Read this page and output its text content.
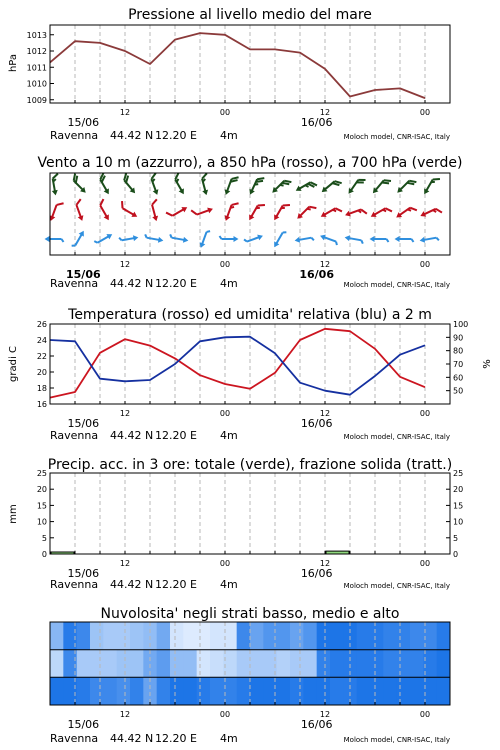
Pressione al livello medio del mare
hPa
1009
1010
1011
1012
1013
12	00	12	00
15/06	16/06
Ravenna 44.42 N 12.20 E 4m	Moloch model, CNR-ISAC, Italy
Vento a 10 m (azzurro), a 850 hPa (rosso), a 700 hPa (verde)
12	00	12	00
15/06	16/06
Ravenna 44.42 N 12.20 E 4m	Moloch model, CNR-ISAC, Italy
Temperatura (rosso) ed umidita' relativa (blu) a 2 m
gradi C	%
16
18
20
22
24
26
50
60
70
80
90
100
12	00	12	00
15/06	16/06
Ravenna 44.42 N 12.20 E 4m	Moloch model, CNR-ISAC, Italy
Precip. acc. in 3 ore: totale (verde), frazione solida (tratt.)
mm
0
5
10
15
20
25
0
5
10
15
20
25
12	00	12	00
15/06	16/06
Ravenna 44.42 N 12.20 E 4m	Moloch model, CNR-ISAC, Italy
Nuvolosita' negli strati basso, medio e alto
12	00	12	00
15/06	16/06
Ravenna 44.42 N 12.20 E 4m	Moloch model, CNR-ISAC, Italy
